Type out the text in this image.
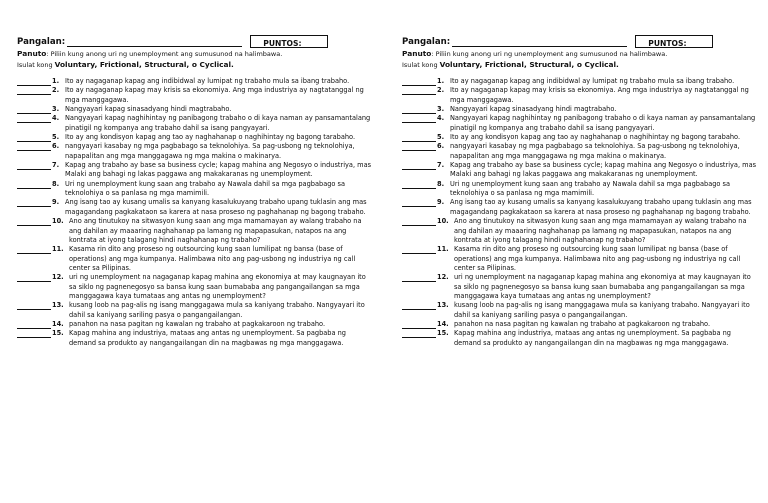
Pangalan:	PUNTOS:
Panuto: Piliin kung anong uri ng unemployment ang sumusunod na halimbawa.
Isulat kong Voluntary, Frictional, Structural, o Cyclical.
1. Ito ay nagaganap kapag ang indibidwal ay lumipat ng trabaho mula sa ibang trabaho.
2. Ito ay nagaganap kapag may krisis sa ekonomiya. Ang mga industriya ay nagtatanggal ng mga manggagawa.
3. Nangyayari kapag sinasadyang hindi magtrabaho.
4. Nangyayari kapag naghihintay ng panibagong trabaho o di kaya naman ay pansamantalang pinatigil ng kompanya ang trabaho dahil sa isang pangyayari.
5. Ito ay ang kondisyon kapag ang tao ay naghahanap o naghihintay ng bagong tarabaho.
6. nangyayari kasabay ng mga pagbabago sa teknolohiya. Sa pag-usbong ng teknolohiya, napapalitan ang mga manggagawa ng mga makina o makinarya.
7. Kapag ang trabaho ay base sa business cycle; kapag mahina ang Negosyo o industriya, mas Malaki ang bahagi ng lakas paggawa ang makakaranas ng unemployment.
8. Uri ng unemployment kung saan ang trabaho ay Nawala dahil sa mga pagbabago sa teknolohiya o sa panlasa ng mga mamimili.
9. Ang isang tao ay kusang umalis sa kanyang kasalukuyang trabaho upang tuklasin ang mas magagandang pagkakataon sa karera at nasa proseso ng paghahanap ng bagong trabaho.
10. Ano ang tinutukoy na sitwasyon kung saan ang mga mamamayan ay walang trabaho na ang dahilan ay maaaring naghahanap pa lamang ng mapapasukan, natapos na ang kontrata at iyong talagang hindi naghahanap ng trabaho?
11. Kasama rin dito ang proseso ng outsourcing kung saan lumilipat ng bansa (base of operations) ang mga kumpanya. Halimbawa nito ang pag-usbong ng industriya ng call center sa Pilipinas.
12. uri ng unemployment na nagaganap kapag mahina ang ekonomiya at may kaugnayan ito sa siklo ng pagnenegosyo sa bansa kung saan bumababa ang pangangailangan sa mga manggagawa kaya tumataas ang antas ng unemployment?
13. kusang loob na pag-alis ng isang manggagawa mula sa kaniyang trabaho. Nangyayari ito dahil sa kaniyang sariling pasya o pangangailangan.
14. panahon na nasa pagitan ng kawalan ng trabaho at pagkakaroon ng trabaho.
15. Kapag mahina ang industriya, mataas ang antas ng unemployment. Sa pagbaba ng demand sa produkto ay nangangailangan din na magbawas ng mga manggagawa.
Pangalan:	PUNTOS:
Panuto: Piliin kung anong uri ng unemployment ang sumusunod na halimbawa.
Isulat kong Voluntary, Frictional, Structural, o Cyclical.
1. Ito ay nagaganap kapag ang indibidwal ay lumipat ng trabaho mula sa ibang trabaho.
2. Ito ay nagaganap kapag may krisis sa ekonomiya. Ang mga industriya ay nagtatanggal ng mga manggagawa.
3. Nangyayari kapag sinasadyang hindi magtrabaho.
4. Nangyayari kapag naghihintay ng panibagong trabaho o di kaya naman ay pansamantalang pinatigil ng kompanya ang trabaho dahil sa isang pangyayari.
5. Ito ay ang kondisyon kapag ang tao ay naghahanap o naghihintay ng bagong tarabaho.
6. nangyayari kasabay ng mga pagbabago sa teknolohiya. Sa pag-usbong ng teknolohiya, napapalitan ang mga manggagawa ng mga makina o makinarya.
7. Kapag ang trabaho ay base sa business cycle; kapag mahina ang Negosyo o industriya, mas Malaki ang bahagi ng lakas paggawa ang makakaranas ng unemployment.
8. Uri ng unemployment kung saan ang trabaho ay Nawala dahil sa mga pagbabago sa teknolohiya o sa panlasa ng mga mamimili.
9. Ang isang tao ay kusang umalis sa kanyang kasalukuyang trabaho upang tuklasin ang mas magagandang pagkakataon sa karera at nasa proseso ng paghahanap ng bagong trabaho.
10. Ano ang tinutukoy na sitwasyon kung saan ang mga mamamayan ay walang trabaho na ang dahilan ay maaaring naghahanap pa lamang ng mapapasukan, natapos na ang kontrata at iyong talagang hindi naghahanap ng trabaho?
11. Kasama rin dito ang proseso ng outsourcing kung saan lumilipat ng bansa (base of operations) ang mga kumpanya. Halimbawa nito ang pag-usbong ng industriya ng call center sa Pilipinas.
12. uri ng unemployment na nagaganap kapag mahina ang ekonomiya at may kaugnayan ito sa siklo ng pagnenegosyo sa bansa kung saan bumababa ang pangangailangan sa mga manggagawa kaya tumataas ang antas ng unemployment?
13. kusang loob na pag-alis ng isang manggagawa mula sa kaniyang trabaho. Nangyayari ito dahil sa kaniyang sariling pasya o pangangailangan.
14. panahon na nasa pagitan ng kawalan ng trabaho at pagkakaroon ng trabaho.
15. Kapag mahina ang industriya, mataas ang antas ng unemployment. Sa pagbaba ng demand sa produkto ay nangangailangan din na magbawas ng mga manggagawa.
